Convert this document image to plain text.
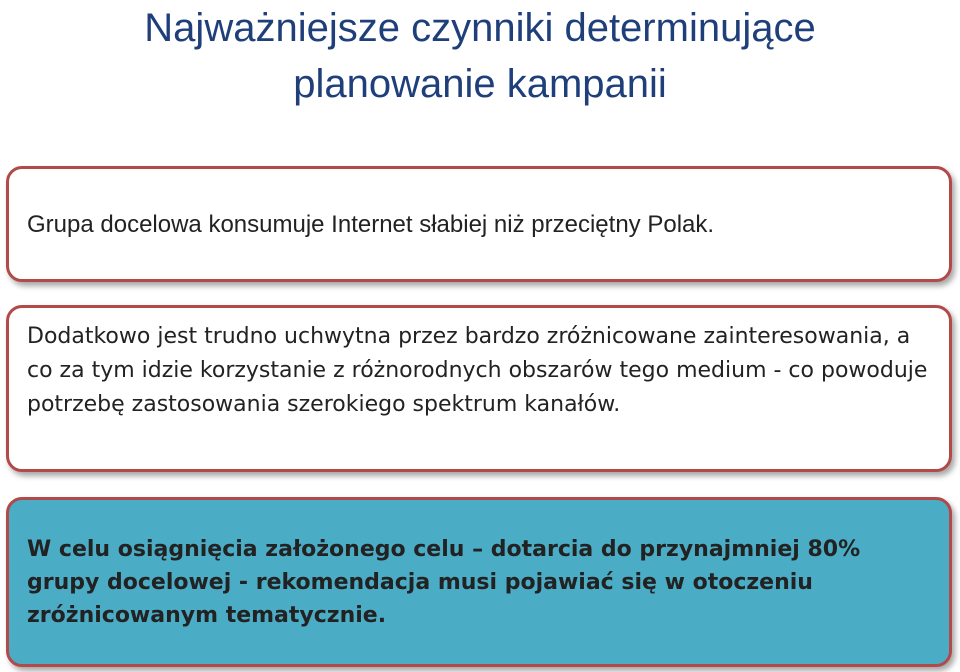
Najważniejsze czynniki determinujące
planowanie kampanii

Grupa docelowa konsumuje Internet słabiej niż przeciętny Polak.

Dodatkowo jest trudno uchwytna przez bardzo zróżnicowane zainteresowania, a co za tym idzie korzystanie z różnorodnych obszarów tego medium - co powoduje potrzebę zastosowania szerokiego spektrum kanałów.

W celu osiągnięcia założonego celu – dotarcia do przynajmniej 80% grupy docelowej - rekomendacja musi pojawiać się w otoczeniu zróżnicowanym tematycznie.
